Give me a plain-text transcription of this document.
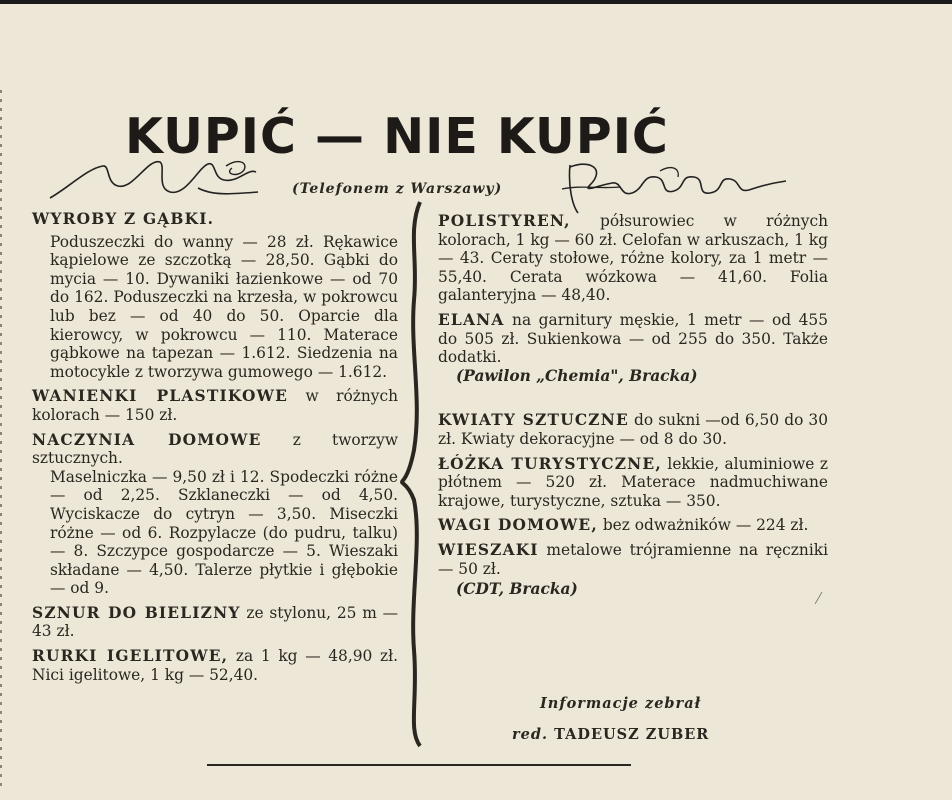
KUPIĆ — NIE KUPIĆ
(Telefonem z Warszawy)

WYROBY Z GĄBKI.

Poduszeczki do wanny — 28 zł. Rękawice kąpielowe ze szczotką — 28,50. Gąbki do mycia — 10. Dywaniki łazienkowe — od 70 do 162. Poduszeczki na krzesła, w pokrowcu lub bez — od 40 do 50. Oparcie dla kierowcy, w pokrowcu — 110. Materace gąbkowe na tapezan — 1.612. Siedzenia na motocykle z tworzywa gumowego — 1.612.

WANIENKI PLASTIKOWE w różnych kolorach — 150 zł.

NACZYNIA DOMOWE z tworzyw sztucznych.

Maselniczka — 9,50 zł i 12. Spodeczki różne — od 2,25. Szklaneczki — od 4,50. Wyciskacze do cytryn — 3,50. Miseczki różne — od 6. Rozpylacze (do pudru, talku) — 8. Szczypce gospodarcze — 5. Wieszaki składane — 4,50. Talerze płytkie i głębokie — od 9.

SZNUR DO BIELIZNY ze stylonu, 25 m — 43 zł.

RURKI IGELITOWE, za 1 kg — 48,90 zł. Nici igelitowe, 1 kg — 52,40.

POLISTYREN, półsurowiec w różnych kolorach, 1 kg — 60 zł. Celofan w arkuszach, 1 kg — 43. Ceraty stołowe, różne kolory, za 1 metr — 55,40. Cerata wózkowa — 41,60. Folia galanteryjna — 48,40.

ELANA na garnitury męskie, 1 metr — od 455 do 505 zł. Sukienkowa — od 255 do 350. Także dodatki.

(Pawilon „Chemia", Bracka)

KWIATY SZTUCZNE do sukni —od 6,50 do 30 zł. Kwiaty dekoracyjne — od 8 do 30.

ŁÓŻKA TURYSTYCZNE, lekkie, aluminiowe z płótnem — 520 zł. Materace nadmuchiwane krajowe, turystyczne, sztuka — 350.

WAGI DOMOWE, bez odważników — 224 zł.

WIESZAKI metalowe trójramienne na ręczniki — 50 zł.

(CDT, Bracka)

Informacje zebrał
red. TADEUSZ ZUBER
